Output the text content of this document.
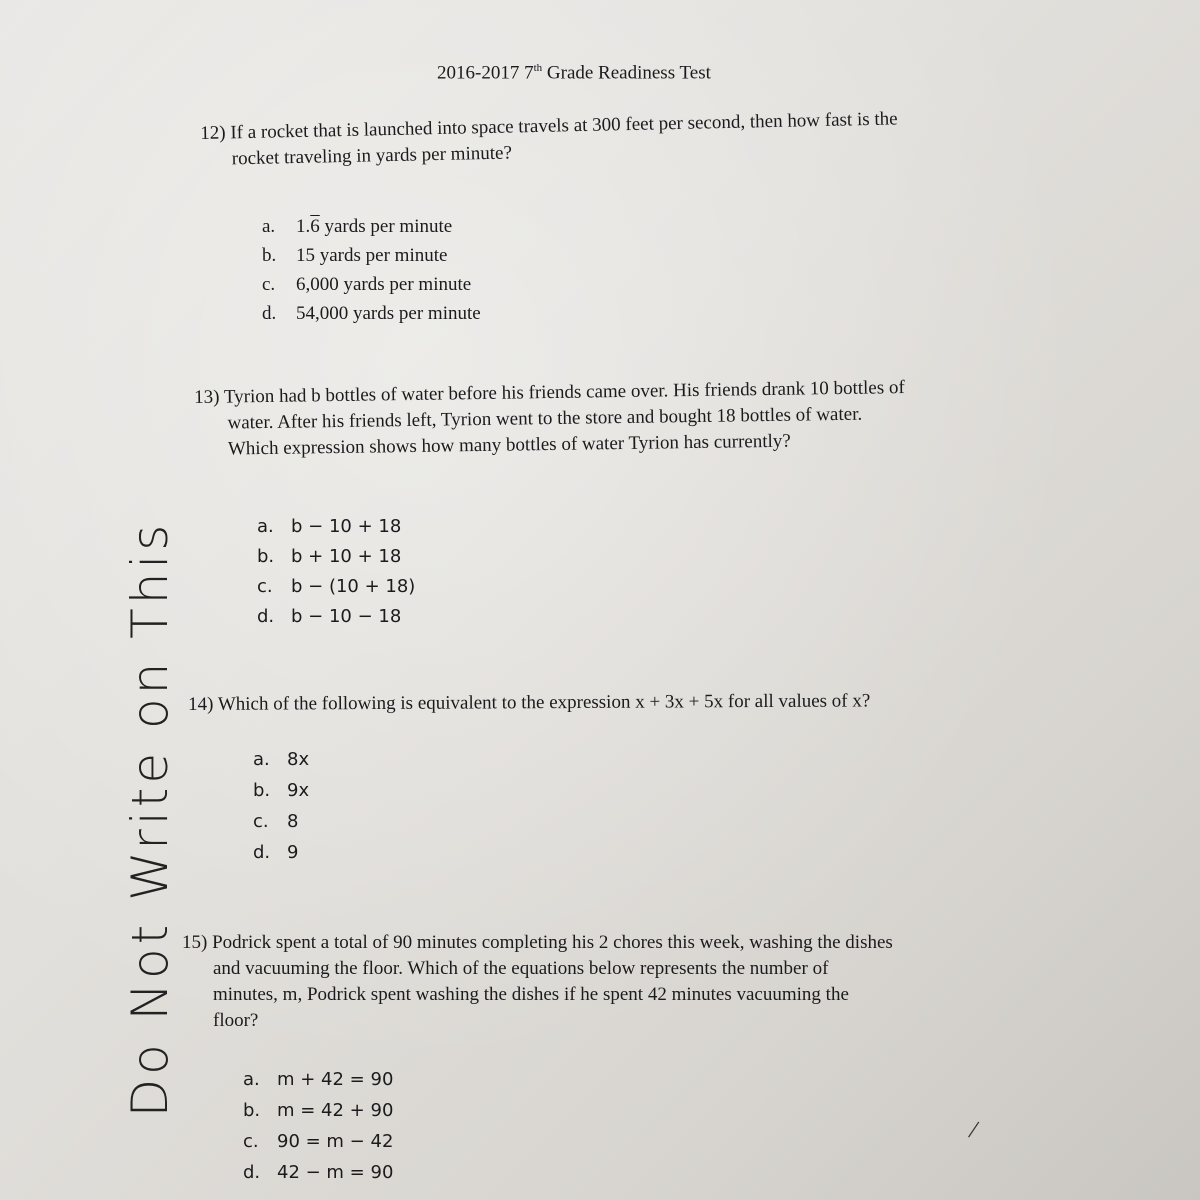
2016-2017 7th Grade Readiness Test
12) If a rocket that is launched into space travels at 300 feet per second, then how fast is the
rocket traveling in yards per minute?
a. 1.6 yards per minute
b. 15 yards per minute
c. 6,000 yards per minute
d. 54,000 yards per minute
13) Tyrion had b bottles of water before his friends came over. His friends drank 10 bottles of
water. After his friends left, Tyrion went to the store and bought 18 bottles of water.
Which expression shows how many bottles of water Tyrion has currently?
a. b − 10 + 18
b. b + 10 + 18
c. b − (10 + 18)
d. b − 10 − 18
14) Which of the following is equivalent to the expression x + 3x + 5x for all values of x?
a. 8x
b. 9x
c. 8
d. 9
15) Podrick spent a total of 90 minutes completing his 2 chores this week, washing the dishes
and vacuuming the floor. Which of the equations below represents the number of
minutes, m, Podrick spent washing the dishes if he spent 42 minutes vacuuming the
floor?
a. m + 42 = 90
b. m = 42 + 90
c. 90 = m − 42
d. 42 − m = 90
Do Not Write on This
/
